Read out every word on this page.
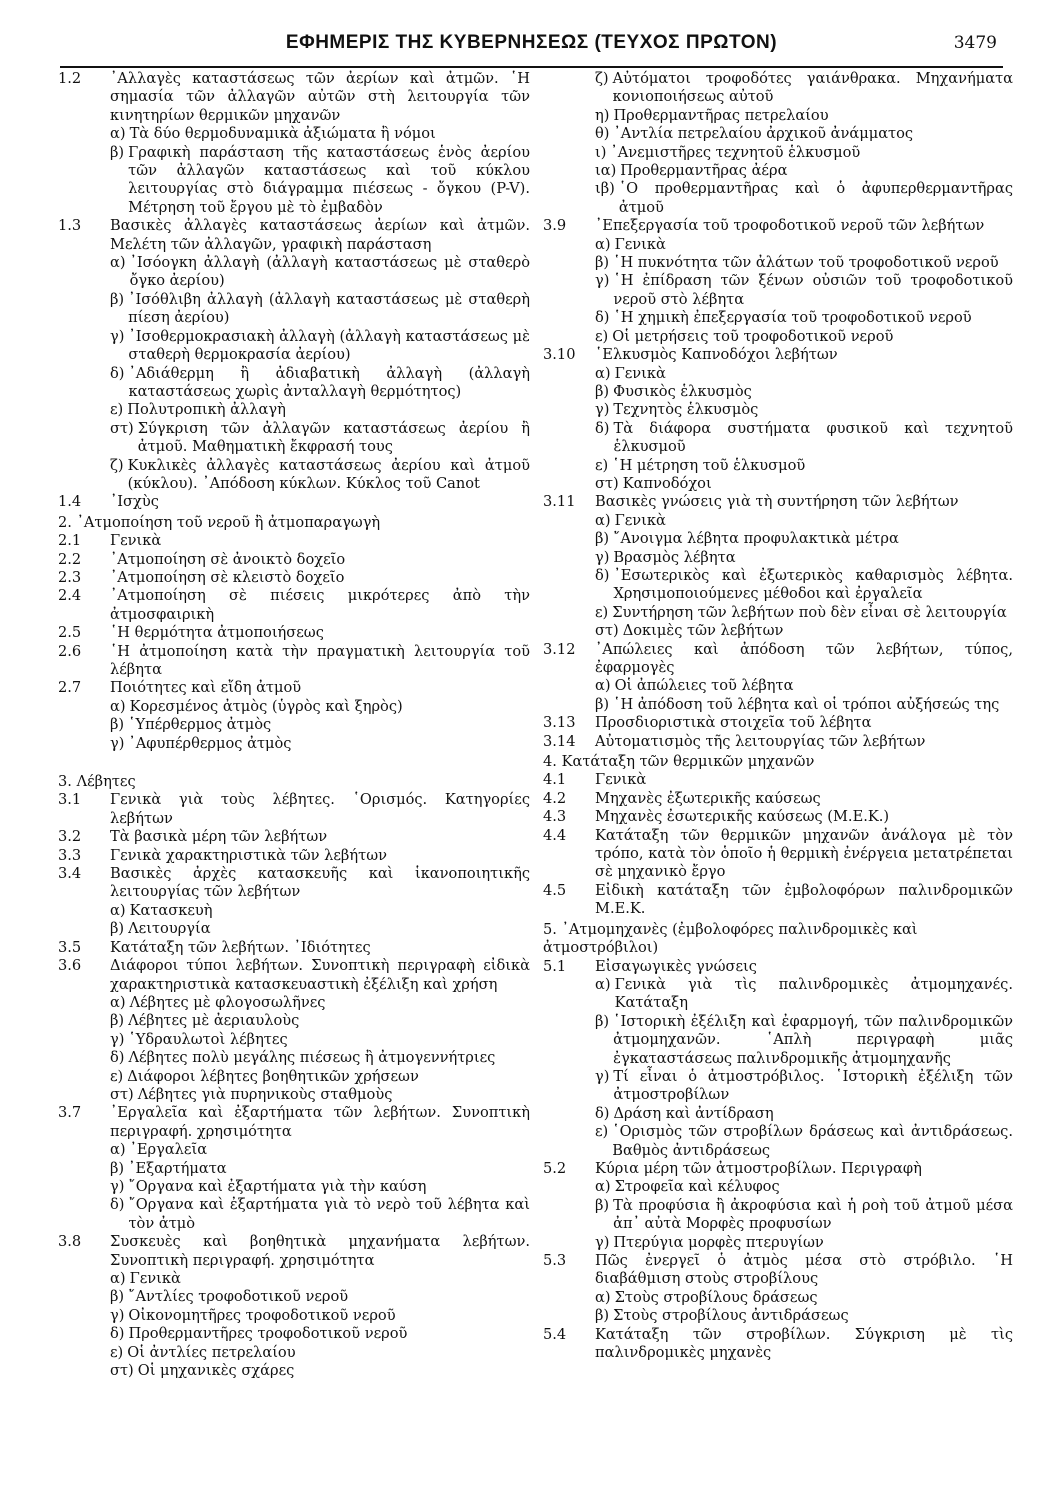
ΕΦΗΜΕΡΙΣ ΤΗΣ ΚΥΒΕΡΝΗΣΕΩΣ (ΤΕΥΧΟΣ ΠΡΩΤΟΝ)	3479
1.2	᾿Αλλαγὲς καταστάσεως τῶν ἀερίων καὶ ἀτμῶν. ῾Η σημασία τῶν ἀλλαγῶν αὐτῶν στὴ λειτουργία τῶν κινητηρίων θερμικῶν μηχανῶν
α) Τὰ δύο θερμοδυναμικὰ ἀξιώματα ἢ νόμοι
β) Γραφικὴ παράσταση τῆς καταστάσεως ἑνὸς ἀερίου τῶν ἀλλαγῶν καταστάσεως καὶ τοῦ κύκλου λειτουργίας στὸ διάγραμμα πιέσεως - ὄγκου (P-V). Μέτρηση τοῦ ἔργου μὲ τὸ ἐμβαδὸν
1.3	Βασικὲς ἀλλαγὲς καταστάσεως ἀερίων καὶ ἀτμῶν. Μελέτη τῶν ἀλλαγῶν, γραφικὴ παράσταση
α) ᾿Ισόογκη ἀλλαγὴ (ἀλλαγὴ καταστάσεως μὲ σταθερὸ ὄγκο ἀερίου)
β) ᾿Ισόθλιβη ἀλλαγὴ (ἀλλαγὴ καταστάσεως μὲ σταθερὴ πίεση ἀερίου)
γ) ᾿Ισοθερμοκρασιακὴ ἀλλαγὴ (ἀλλαγὴ καταστάσεως μὲ σταθερὴ θερμοκρασία ἀερίου)
δ) ᾿Αδιάθερμη ἢ ἀδιαβατικὴ ἀλλαγὴ (ἀλλαγὴ καταστάσεως χωρὶς ἀνταλλαγὴ θερμότητος)
ε) Πολυτροπικὴ ἀλλαγὴ
στ) Σύγκριση τῶν ἀλλαγῶν καταστάσεως ἀερίου ἢ ἀτμοῦ. Μαθηματικὴ ἔκφρασή τους
ζ) Κυκλικὲς ἀλλαγὲς καταστάσεως ἀερίου καὶ ἀτμοῦ (κύκλου). ᾿Απόδοση κύκλων. Κύκλος τοῦ Canot
1.4	᾿Ισχὺς
2. ᾿Ατμοποίηση τοῦ νεροῦ ἢ ἀτμοπαραγωγὴ
2.1	Γενικὰ
2.2	᾿Ατμοποίηση σὲ ἀνοικτὸ δοχεῖο
2.3	᾿Ατμοποίηση σὲ κλειστὸ δοχεῖο
2.4	᾿Ατμοποίηση σὲ πιέσεις μικρότερες ἀπὸ τὴν ἀτμοσφαιρικὴ
2.5	῾Η θερμότητα ἀτμοποιήσεως
2.6	῾Η ἀτμοποίηση κατὰ τὴν πραγματικὴ λειτουργία τοῦ λέβητα
2.7	Ποιότητες καὶ εἴδη ἀτμοῦ
α) Κορεσμένος ἀτμὸς (ὑγρὸς καὶ ξηρὸς)
β) ῾Υπέρθερμος ἀτμὸς
γ) ᾿Αφυπέρθερμος ἀτμὸς
3. Λέβητες
3.1	Γενικὰ γιὰ τοὺς λέβητες. ῾Ορισμός. Κατηγορίες λεβήτων
3.2	Τὰ βασικὰ μέρη τῶν λεβήτων
3.3	Γενικὰ χαρακτηριστικὰ τῶν λεβήτων
3.4	Βασικὲς ἀρχὲς κατασκευῆς καὶ ἱκανοποιητικῆς λειτουργίας τῶν λεβήτων
α) Κατασκευὴ
β) Λειτουργία
3.5	Κατάταξη τῶν λεβήτων. ᾿Ιδιότητες
3.6	Διάφοροι τύποι λεβήτων. Συνοπτικὴ περιγραφὴ εἰδικὰ χαρακτηριστικὰ κατασκευαστικὴ ἐξέλιξη καὶ χρήση
α) Λέβητες μὲ φλογοσωλῆνες
β) Λέβητες μὲ ἀεριαυλοὺς
γ) ῾Υδραυλωτοὶ λέβητες
δ) Λέβητες πολὺ μεγάλης πιέσεως ἢ ἀτμογεννήτριες
ε) Διάφοροι λέβητες βοηθητικῶν χρήσεων
στ) Λέβητες γιὰ πυρηνικοὺς σταθμοὺς
3.7	᾿Εργαλεῖα καὶ ἐξαρτήματα τῶν λεβήτων. Συνοπτικὴ περιγραφή. χρησιμότητα
α) ᾿Εργαλεῖα
β) ᾿Εξαρτήματα
γ) ῎Οργανα καὶ ἐξαρτήματα γιὰ τὴν καύση
δ) ῎Οργανα καὶ ἐξαρτήματα γιὰ τὸ νερὸ τοῦ λέβητα καὶ τὸν ἀτμὸ
3.8	Συσκευὲς καὶ βοηθητικὰ μηχανήματα λεβήτων. Συνοπτικὴ περιγραφή. χρησιμότητα
α) Γενικὰ
β) ῎Αντλίες τροφοδοτικοῦ νεροῦ
γ) Οἰκονομητῆρες τροφοδοτικοῦ νεροῦ
δ) Προθερμαντῆρες τροφοδοτικοῦ νεροῦ
ε) Οἱ ἀντλίες πετρελαίου
στ) Οἱ μηχανικὲς σχάρες
ζ) Αὐτόματοι τροφοδότες γαιάνθρακα. Μηχανήματα κονιοποιήσεως αὐτοῦ
η) Προθερμαντῆρας πετρελαίου
θ) ᾿Αντλία πετρελαίου ἀρχικοῦ ἀνάμματος
ι) ᾿Ανεμιστῆρες τεχνητοῦ ἑλκυσμοῦ
ια) Προθερμαντῆρας ἀέρα
ιβ) ῾Ο προθερμαντῆρας καὶ ὁ ἀφυπερθερμαντῆρας ἀτμοῦ
3.9	᾿Επεξεργασία τοῦ τροφοδοτικοῦ νεροῦ τῶν λεβήτων
α) Γενικὰ
β) ῾Η πυκνότητα τῶν ἀλάτων τοῦ τροφοδοτικοῦ νεροῦ
γ) ῾Η ἐπίδραση τῶν ξένων οὐσιῶν τοῦ τροφοδοτικοῦ νεροῦ στὸ λέβητα
δ) ῾Η χημικὴ ἐπεξεργασία τοῦ τροφοδοτικοῦ νεροῦ
ε) Οἱ μετρήσεις τοῦ τροφοδοτικοῦ νεροῦ
3.10	῾Ελκυσμὸς Καπνοδόχοι λεβήτων
α) Γενικὰ
β) Φυσικὸς ἑλκυσμὸς
γ) Τεχνητὸς ἑλκυσμὸς
δ) Τὰ διάφορα συστήματα φυσικοῦ καὶ τεχνητοῦ ἑλκυσμοῦ
ε) ῾Η μέτρηση τοῦ ἑλκυσμοῦ
στ) Καπνοδόχοι
3.11	Βασικὲς γνώσεις γιὰ τὴ συντήρηση τῶν λεβήτων
α) Γενικὰ
β) ῎Ανοιγμα λέβητα προφυλακτικὰ μέτρα
γ) Βρασμὸς λέβητα
δ) ᾿Εσωτερικὸς καὶ ἐξωτερικὸς καθαρισμὸς λέβητα. Χρησιμοποιούμενες μέθοδοι καὶ ἐργαλεῖα
ε) Συντήρηση τῶν λεβήτων ποὺ δὲν εἶναι σὲ λειτουργία
στ) Δοκιμὲς τῶν λεβήτων
3.12	᾿Απώλειες καὶ ἀπόδοση τῶν λεβήτων, τύπος, ἐφαρμογὲς
α) Οἱ ἀπώλειες τοῦ λέβητα
β) ῾Η ἀπόδοση τοῦ λέβητα καὶ οἱ τρόποι αὐξήσεώς της
3.13	Προσδιοριστικὰ στοιχεῖα τοῦ λέβητα
3.14	Αὐτοματισμὸς τῆς λειτουργίας τῶν λεβήτων
4. Κατάταξη τῶν θερμικῶν μηχανῶν
4.1	Γενικὰ
4.2	Μηχανὲς ἐξωτερικῆς καύσεως
4.3	Μηχανὲς ἐσωτερικῆς καύσεως (Μ.Ε.Κ.)
4.4	Κατάταξη τῶν θερμικῶν μηχανῶν ἀνάλογα μὲ τὸν τρόπο, κατὰ τὸν ὁποῖο ἡ θερμικὴ ἐνέργεια μετατρέπεται σὲ μηχανικὸ ἔργο
4.5	Εἰδικὴ κατάταξη τῶν ἐμβολοφόρων παλινδρομικῶν Μ.Ε.Κ.
5. ᾿Ατμομηχανὲς (ἐμβολοφόρες παλινδρομικὲς καὶ ἀτμοστρόβιλοι)
5.1	Εἰσαγωγικὲς γνώσεις
α) Γενικὰ γιὰ τὶς παλινδρομικὲς ἀτμομηχανές. Κατάταξη
β) ῾Ιστορικὴ ἐξέλιξη καὶ ἐφαρμογή, τῶν παλινδρομικῶν ἀτμομηχανῶν. ῾Απλὴ περιγραφὴ μιᾶς ἐγκαταστάσεως παλινδρομικῆς ἀτμομηχανῆς
γ) Τί εἶναι ὁ ἀτμοστρόβιλος. ῾Ιστορικὴ ἐξέλιξη τῶν ἀτμοστροβίλων
δ) Δράση καὶ ἀντίδραση
ε) ῾Ορισμὸς τῶν στροβίλων δράσεως καὶ ἀντιδράσεως. Βαθμὸς ἀντιδράσεως
5.2	Κύρια μέρη τῶν ἀτμοστροβίλων. Περιγραφὴ
α) Στροφεῖα καὶ κέλυφος
β) Τὰ προφύσια ἢ ἀκροφύσια καὶ ἡ ροὴ τοῦ ἀτμοῦ μέσα ἀπ᾿ αὐτὰ Μορφὲς προφυσίων
γ) Πτερύγια μορφὲς πτερυγίων
5.3	Πῶς ἐνεργεῖ ὁ ἀτμὸς μέσα στὸ στρόβιλο. ῾Η διαβάθμιση στοὺς στροβίλους
α) Στοὺς στροβίλους δράσεως
β) Στοὺς στροβίλους ἀντιδράσεως
5.4	Κατάταξη τῶν στροβίλων. Σύγκριση μὲ τὶς παλινδρομικὲς μηχανὲς
